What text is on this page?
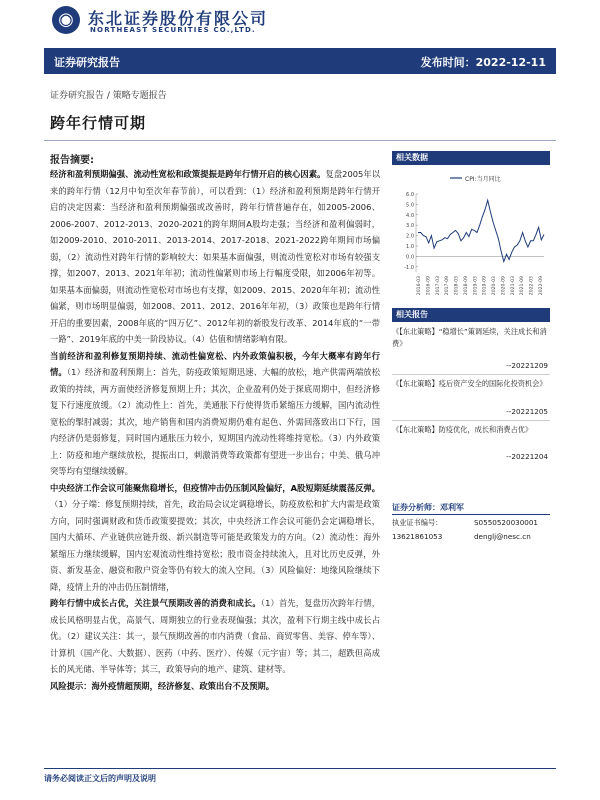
◉ 东北证券股份有限公司
NORTHEAST SECURITIES CO.,LTD.
证券研究报告	发布时间：2022-12-11
证券研究报告 / 策略专题报告
跨年行情可期
报告摘要:

经济和盈利预期偏强、流动性宽松和政策提振是跨年行情开启的核心因素。复盘2005年以来的跨年行情（12月中旬至次年春节前），可以看到：（1）经济和盈利预期是跨年行情开启的决定因素：当经济和盈利预期偏强或改善时，跨年行情普遍存在，如2005-2006、2006-2007、2012-2013、2020-2021的跨年期间A股均走强；当经济和盈利偏弱时，如2009-2010、2010-2011、2013-2014、2017-2018、2021-2022跨年期间市场偏弱，（2）流动性对跨年行情的影响较大：如果基本面偏强，则流动性宽松对市场有较强支撑，如2007、2013、2021年年初；流动性偏紧则市场上行幅度受限，如2006年初等。如果基本面偏弱，则流动性宽松对市场也有支撑，如2009、2015、2020年年初；流动性偏紧，则市场明显偏弱，如2008、2011、2012、2016年年初，（3）政策也是跨年行情开启的重要因素，2008年底的“四万亿”、2012年初的新股发行改革、2014年底的“一带一路”、2019年底的中美一阶段协议。（4）估值和情绪影响有限。

当前经济和盈利修复预期持续、流动性偏宽松、内外政策偏积极，今年大概率有跨年行情。（1）经济和盈利预期上：首先，防疫政策短期迅速、大幅的放松，地产供需两端放松政策的持续，两方面使经济修复预期上升；其次，企业盈利仍处于探底周期中，但经济修复下行速度放缓。（2）流动性上：首先，美通胀下行使得货币紧缩压力缓解，国内流动性宽松的掣肘减弱；其次，地产销售和国内消费短期仍难有起色、外需回落致出口下行，国内经济仍是弱修复，同时国内通胀压力较小，短期国内流动性将维持宽松。（3）内外政策上：防疫和地产继续放松，提振出口，刺激消费等政策都有望进一步出台；中美、俄乌冲突等均有望继续缓解。

中央经济工作会议可能聚焦稳增长，但疫情冲击仍压制风险偏好，A股短期延续震荡反弹。（1）分子端：修复预期持续，首先，政治局会议定调稳增长，防疫放松和扩大内需是政策方向，同时强调财政和货币政策要提效；其次，中央经济工作会议可能仍会定调稳增长，国内大循环、产业链供应链升级、新兴制造等可能是政策发力的方向。（2）流动性：海外紧缩压力继续缓解，国内宏观流动性维持宽松；股市资金持续流入，且对比历史反弹，外资、新发基金、融资和散户资金等仍有较大的流入空间。（3）风险偏好：地缘风险继续下降，疫情上升的冲击仍压制情绪，

跨年行情中成长占优，关注景气预期改善的消费和成长。（1）首先，复盘历次跨年行情，成长风格明显占优，高景气、周期独立的行业表现偏强；其次，盈利下行期主线中成长占优。（2）建议关注：其一，景气预期改善的市内消费（食品、商贸零售、美容、停车等）、计算机（国产化、大数据）、医药（中药、医疗）、传媒（元宇宙）等；其二，超跌但高成长的风光储、半导体等；其三，政策导向的地产、建筑、建材等。

风险提示：海外疫情超预期，经济修复、政策出台不及预期。

相关数据
CPI:当月同比
-1.0
0.0
1.0
2.0
3.0
4.0
5.0
6.0
2016-03 2016-09 2017-03 2017-09 2018-03 2018-09 2019-03 2019-09 2020-03 2020-09 2021-03 2021-09 2022-03 2022-09
相关报告
《【东北策略】“稳增长”策调延续，关注成长和消费》
--20221209
《【东北策略】疫后资产安全的国际化投资机会》
--20221205
《【东北策略】防疫优化，成长和消费占优》
--20221204
证券分析师：邓利军
执业证书编号：	S0550520030001
13621861053	denglj@nesc.cn
请务必阅读正文后的声明及说明
